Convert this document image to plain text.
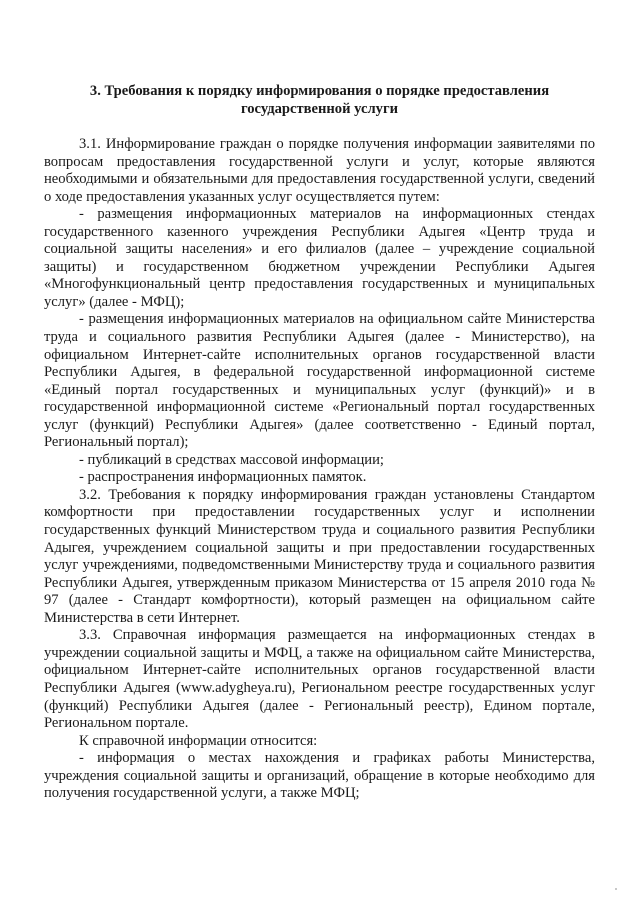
3. Требования к порядку информирования о порядке предоставления государственной услуги

3.1. Информирование граждан о порядке получения информации заявителями по вопросам предоставления государственной услуги и услуг, которые являются необходимыми и обязательными для предоставления государственной услуги, сведений о ходе предоставления указанных услуг осуществляется путем:

- размещения информационных материалов на информационных стендах государственного казенного учреждения Республики Адыгея «Центр труда и социальной защиты населения» и его филиалов (далее – учреждение социальной защиты) и государственном бюджетном учреждении Республики Адыгея «Многофункциональный центр предоставления государственных и муниципальных услуг» (далее - МФЦ);

- размещения информационных материалов на официальном сайте Министерства труда и социального развития Республики Адыгея (далее - Министерство), на официальном Интернет-сайте исполнительных органов государственной власти Республики Адыгея, в федеральной государственной информационной системе «Единый портал государственных и муниципальных услуг (функций)» и в государственной информационной системе «Региональный портал государственных услуг (функций) Республики Адыгея» (далее соответственно - Единый портал, Региональный портал);

- публикаций в средствах массовой информации;

- распространения информационных памяток.

3.2. Требования к порядку информирования граждан установлены Стандартом комфортности при предоставлении государственных услуг и исполнении государственных функций Министерством труда и социального развития Республики Адыгея, учреждением социальной защиты и при предоставлении государственных услуг учреждениями, подведомственными Министерству труда и социального развития Республики Адыгея, утвержденным приказом Министерства от 15 апреля 2010 года № 97 (далее - Стандарт комфортности), который размещен на официальном сайте Министерства в сети Интернет.

3.3. Справочная информация размещается на информационных стендах в учреждении социальной защиты и МФЦ, а также на официальном сайте Министерства, официальном Интернет-сайте исполнительных органов государственной власти Республики Адыгея (www.adygheya.ru), Региональном реестре государственных услуг (функций) Республики Адыгея (далее - Региональный реестр), Едином портале, Региональном портале.

К справочной информации относится:

- информация о местах нахождения и графиках работы Министерства, учреждения социальной защиты и организаций, обращение в которые необходимо для получения государственной услуги, а также МФЦ;
